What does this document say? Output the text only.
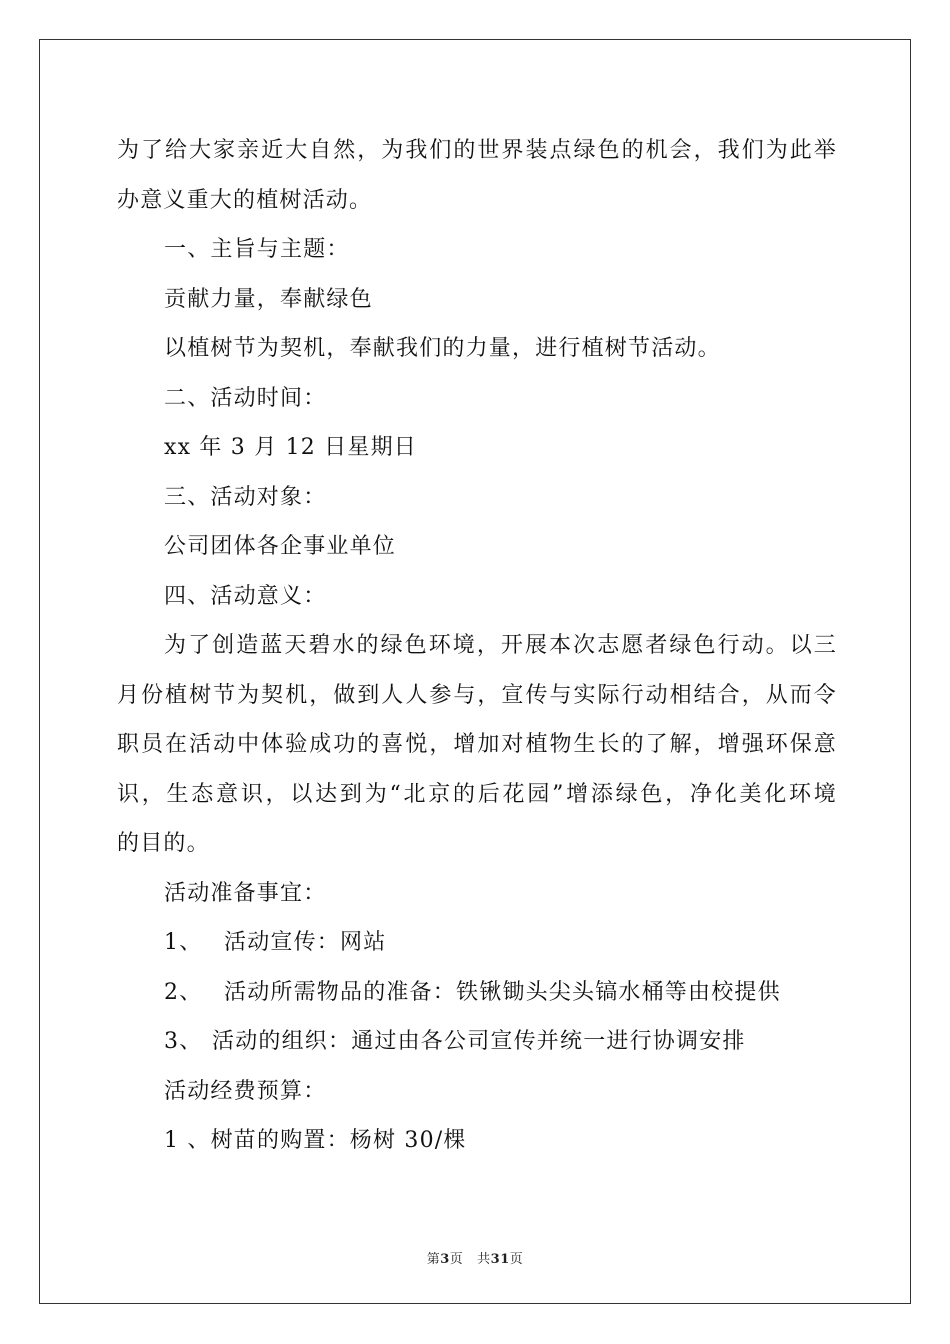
为了给大家亲近大自然，为我们的世界装点绿色的机会，我们为此举
办意义重大的植树活动。
一、主旨与主题：
贡献力量，奉献绿色
以植树节为契机，奉献我们的力量，进行植树节活动。
二、活动时间：
xx 年 3 月 12 日星期日
三、活动对象：
公司团体各企事业单位
四、活动意义：
为了创造蓝天碧水的绿色环境，开展本次志愿者绿色行动。以三
月份植树节为契机，做到人人参与，宣传与实际行动相结合，从而令
职员在活动中体验成功的喜悦，增加对植物生长的了解，增强环保意
识，生态意识，以达到为“北京的后花园”增添绿色，净化美化环境
的目的。
活动准备事宜：
1、 活动宣传：网站
2、 活动所需物品的准备：铁锹锄头尖头镐水桶等由校提供
3、 活动的组织：通过由各公司宣传并统一进行协调安排
活动经费预算：
1 、树苗的购置：杨树 30/棵
第3页   共31页
